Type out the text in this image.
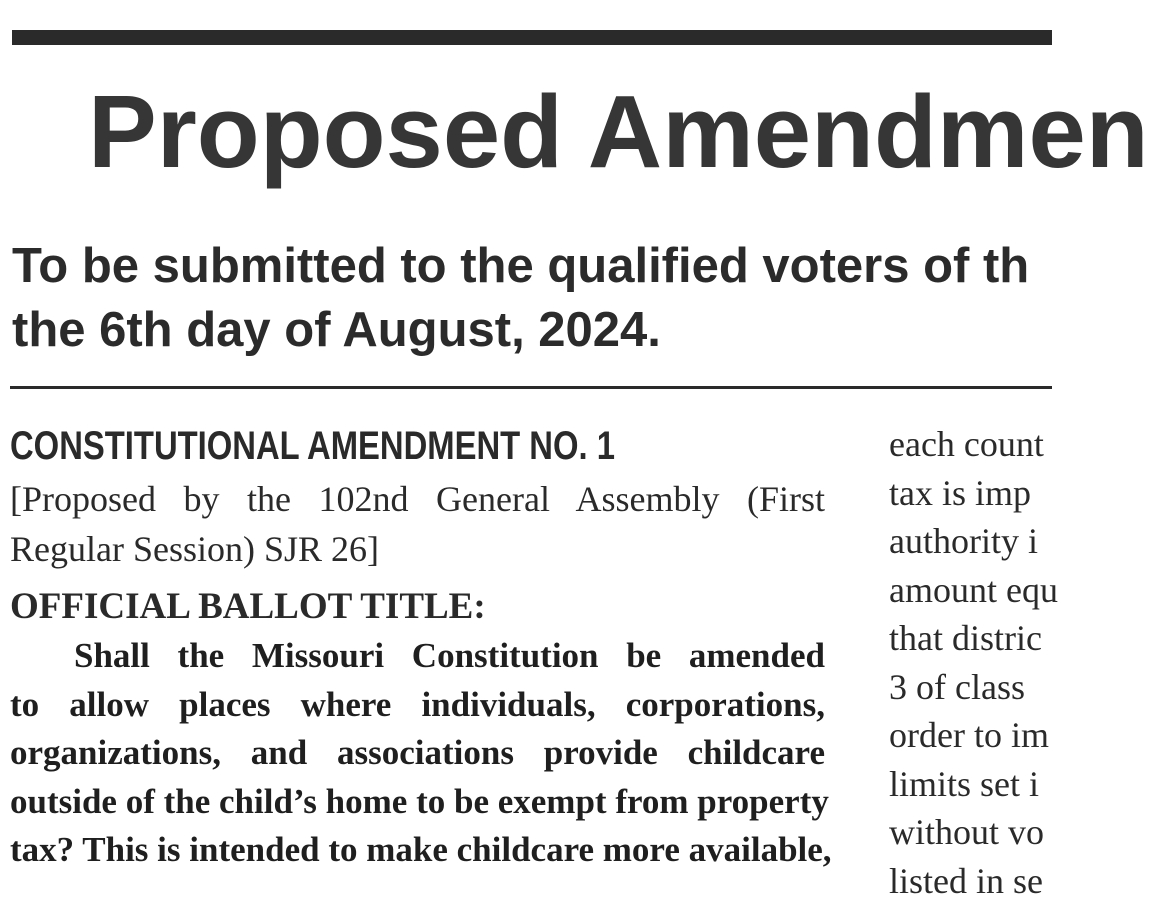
Proposed Amendmen

To be submitted to the qualified voters of th
the 6th day of August, 2024.

CONSTITUTIONAL AMENDMENT NO. 1

[Proposed by the 102nd General Assembly (First
Regular Session) SJR 26]

OFFICIAL BALLOT TITLE:

Shall the Missouri Constitution be amended
to allow places where individuals, corporations,
organizations, and associations provide childcare
outside of the child’s home to be exempt from property
tax? This is intended to make childcare more available,

each count
tax is imp
authority i
amount equ
that distric
3 of class
order to im
limits set i
without vo
listed in se
